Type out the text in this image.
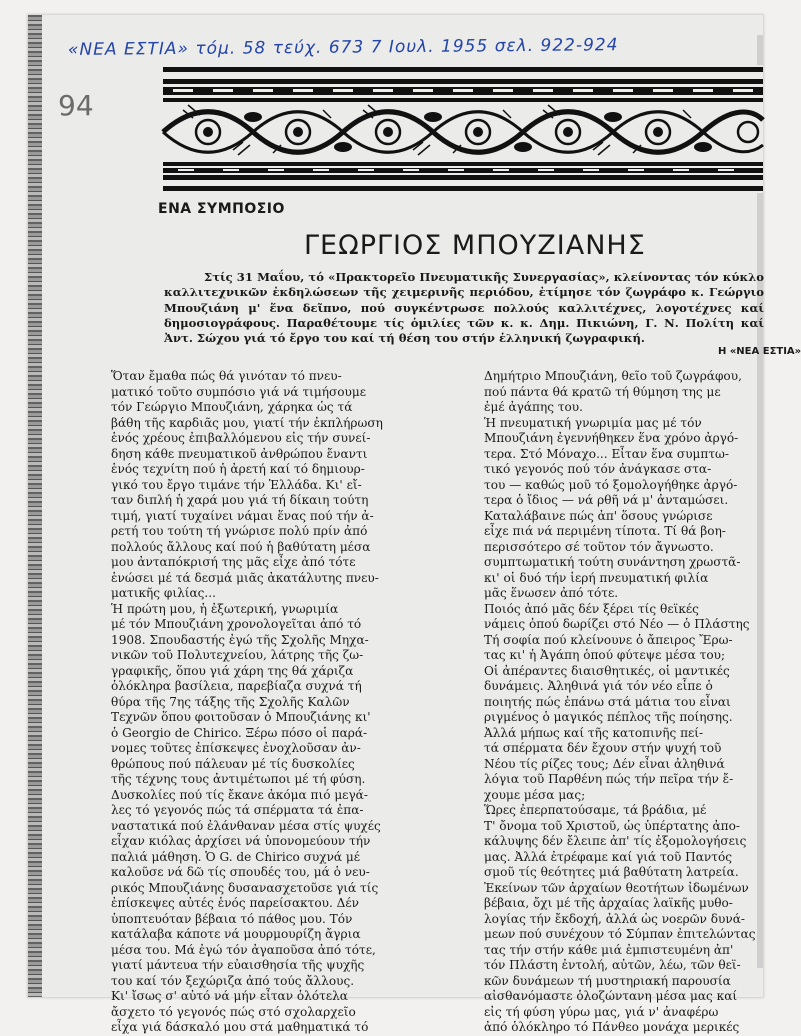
«ΝΕΑ ΕΣΤΙΑ» τόμ. 58 τεύχ. 673 7 Ιουλ. 1955 σελ. 922-924
94
ΕΝΑ ΣΥΜΠΟΣΙΟ
ΓΕΩΡΓΙΟΣ ΜΠΟΥΖΙΑΝΗΣ

Στίς 31 Μαΐου, τό «Πρακτορεῖο Πνευματικῆς Συνεργασίας», κλείνοντας τόν κύκλο καλλιτεχνικῶν ἐκδηλώσεων τῆς χειμερινῆς περιόδου, ἐτίμησε τόν ζωγράφο κ. Γεώργιο Μπουζιάνη μ' ἕνα δεῖπνο, πού συγκέντρωσε πολλούς καλλιτέχνες, λογοτέχνες καί δημοσιογράφους. Παραθέτουμε τίς ὁμιλίες τῶν κ. κ. Δημ. Πικιώνη, Γ. Ν. Πολίτη καί Ἀντ. Σώχου γιά τό ἔργο του καί τή θέση του στήν ἑλληνική ζωγραφική.

Η «ΝΕΑ ΕΣΤΙΑ»
Ὅταν ἔμαθα πώς θά γινόταν τό πνευ-
ματικό τοῦτο συμπόσιο γιά νά τιμήσουμε
τόν Γεώργιο Μπουζιάνη, χάρηκα ὡς τά
βάθη τῆς καρδιᾶς μου, γιατί τήν ἐκπλήρωση
ἑνός χρέους ἐπιβαλλόμενου εἰς τήν συνεί-
δηση κάθε πνευματικοῦ ἀνθρώπου ἔναντι
ἑνός τεχνίτη πού ἡ ἀρετή καί τό δημιουρ-
γικό του ἔργο τιμάνε τήν Ἑλλάδα. Κι' εἴ-
ταν διπλή ἡ χαρά μου γιά τή δίκαιη τούτη
τιμή, γιατί τυχαίνει νάμαι ἕνας πού τήν ἀ-
ρετή του τούτη τή γνώρισε πολύ πρίν ἀπό
πολλούς ἄλλους καί πού ἡ βαθύτατη μέσα
μου ἀνταπόκρισή της μᾶς εἶχε ἀπό τότε
ἑνώσει μέ τά δεσμά μιᾶς ἀκατάλυτης πνευ-
ματικῆς φιλίας...
Ἡ πρώτη μου, ἡ ἐξωτερική, γνωριμία
μέ τόν Μπουζιάνη χρονολογεῖται ἀπό τό
1908. Σπουδαστής ἐγώ τῆς Σχολῆς Μηχα-
νικῶν τοῦ Πολυτεχνείου, λάτρης τῆς ζω-
γραφικῆς, ὅπου γιά χάρη της θά χάριζα
ὁλόκληρα βασίλεια, παρεβίαζα συχνά τή
θύρα τῆς 7ης τάξης τῆς Σχολῆς Καλῶν
Τεχνῶν ὅπου φοιτοῦσαν ὁ Μπουζιάνης κι'
ὁ Georgio de Chirico. Ξέρω πόσο οἱ παρά-
νομες τοῦτες ἐπίσκεψες ἐνοχλοῦσαν ἀν-
θρώπους πού πάλευαν μέ τίς δυσκολίες
τῆς τέχνης τους ἀντιμέτωποι μέ τή φύση.
Δυσκολίες πού τίς ἔκανε ἀκόμα πιό μεγά-
λες τό γεγονός πώς τά σπέρματα τά ἐπα-
ναστατικά πού ἐλάνθαναν μέσα στίς ψυχές
εἶχαν κιόλας ἀρχίσει νά ὑπονομεύουν τήν
παλιά μάθηση. Ὁ G. de Chirico συχνά μέ
καλοῦσε νά δῶ τίς σπουδές του, μά ὁ νευ-
ρικός Μπουζιάνης δυσανασχετοῦσε γιά τίς
ἐπίσκεψες αὐτές ἑνός παρείσακτου. Δέν
ὑποπτευόταν βέβαια τό πάθος μου. Τόν
κατάλαβα κάποτε νά μουρμουρίζη ἄγρια
μέσα του. Μά ἐγώ τόν ἀγαποῦσα ἀπό τότε,
γιατί μάντευα τήν εὐαισθησία τῆς ψυχῆς
του καί τόν ξεχώριζα ἀπό τούς ἄλλους.
Κι' ἴσως σ' αὐτό νά μήν εἶταν ὁλότελα
ἄσχετο τό γεγονός πώς στό σχολαρχεῖο
εἶχα γιά δάσκαλό μου στά μαθηματικά τό
Δημήτριο Μπουζιάνη, θεῖο τοῦ ζωγράφου,
πού πάντα θά κρατῶ τή θύμηση της με
ἐμέ ἀγάπης του.
Ἡ πνευματική γνωριμία μας μέ τόν
Μπουζιάνη ἐγεννήθηκεν ἕνα χρόνο ἀργό-
τερα. Στό Μόναχο... Εἶταν ἕνα συμπτω-
τικό γεγονός πού τόν ἀνάγκασε στα-
του — καθώς μοῦ τό ξομολογήθηκε ἀργό-
τερα ὁ ἴδιος — νά ρθῆ νά μ' ἀνταμώσει.
Καταλάβαινε πώς ἀπ' ὅσους γνώρισε
εἶχε πιά νά περιμένη τίποτα. Τί θά βοη-
περισσότερο σέ τοῦτον τόν ἄγνωστο.
συμπτωματική τούτη συνάντηση χρωστᾶ-
κι' οἱ δυό τήν ἱερή πνευματική φιλία
μᾶς ἕνωσεν ἀπό τότε.
Ποιός ἀπό μᾶς δέν ξέρει τίς θεϊκές
νάμεις ὁπού δωρίζει στό Νέο — ὁ Πλάστης
Τή σοφία πού κλείνουνε ὁ ἄπειρος Ἔρω-
τας κι' ἡ Ἀγάπη ὁπού φύτεψε μέσα του;
Οἱ ἀπέραντες διαισθητικές, οἱ μαντικές
δυνάμεις. Ἀληθινά γιά τόν νέο εἶπε ὁ
ποιητής πώς ἐπάνω στά μάτια του εἶναι
ριγμένος ὁ μαγικός πέπλος τῆς ποίησης.
Ἀλλά μήπως καί τῆς κατοπινῆς πεί-
τά σπέρματα δέν ἔχουν στήν ψυχή τοῦ
Νέου τίς ρίζες τους; Δέν εἶναι ἀληθινά
λόγια τοῦ Παρθένη πώς τήν πεῖρα τήν ἔ-
χουμε μέσα μας;
Ὥρες ἐπερπατούσαμε, τά βράδια, μέ
Τ' ὄνομα τοῦ Χριστοῦ, ὡς ὑπέρτατης ἀπο-
κάλυψης δέν ἔλειπε ἀπ' τίς ἐξομολογήσεις
μας. Ἀλλά ἐτρέφαμε καί γιά τοῦ Παντός
σμοῦ τίς θεότητες μιά βαθύτατη λατρεία.
Ἐκείνων τῶν ἀρχαίων θεοτήτων ἰδωμένων
βέβαια, ὄχι μέ τῆς ἀρχαίας λαϊκῆς μυθο-
λογίας τήν ἔκδοχή, ἀλλά ὡς νοερῶν δυνά-
μεων πού συνέχουν τό Σύμπαν ἐπιτελώντας
τας τήν στήν κάθε μιά ἐμπιστευμένη ἀπ'
τόν Πλάστη ἐντολή, αὐτῶν, λέω, τῶν θεϊ-
κῶν δυνάμεων τή μυστηριακή παρουσία
αἰσθανόμαστε ὁλοζώντανη μέσα μας καί
εἰς τή φύση γύρω μας, γιά ν' ἀναφέρω
ἀπό ὁλόκληρο τό Πάνθεο μονάχα μερικές
